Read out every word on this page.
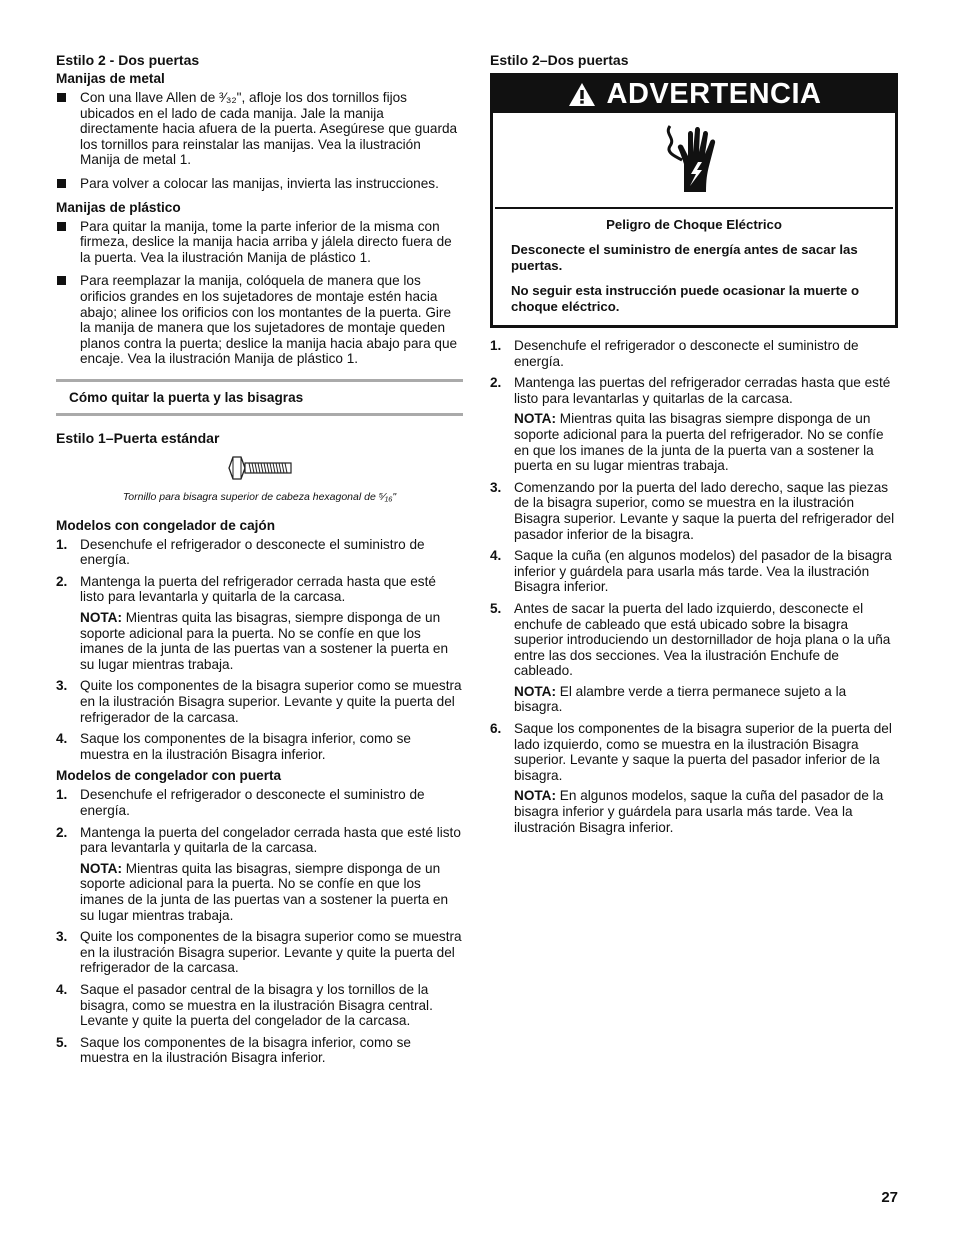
Estilo 2 - Dos puertas
Manijas de metal
Con una llave Allen de ³⁄₃₂", afloje los dos tornillos fijos ubicados en el lado de cada manija. Jale la manija directamente hacia afuera de la puerta. Asegúrese que guarda los tornillos para reinstalar las manijas. Vea la ilustración Manija de metal 1.
Para volver a colocar las manijas, invierta las instrucciones.
Manijas de plástico
Para quitar la manija, tome la parte inferior de la misma con firmeza, deslice la manija hacia arriba y jálela directo fuera de la puerta. Vea la ilustración Manija de plástico 1.
Para reemplazar la manija, colóquela de manera que los orificios grandes en los sujetadores de montaje estén hacia abajo; alinee los orificios con los montantes de la puerta. Gire la manija de manera que los sujetadores de montaje queden planos contra la puerta; deslice la manija hacia abajo para que encaje. Vea la ilustración Manija de plástico 1.
Cómo quitar la puerta y las bisagras
Estilo 1–Puerta estándar
Tornillo para bisagra superior de cabeza hexagonal de ⁵⁄₁₆"
Modelos con congelador de cajón
1. Desenchufe el refrigerador o desconecte el suministro de energía.
2. Mantenga la puerta del refrigerador cerrada hasta que esté listo para levantarla y quitarla de la carcasa.

NOTA: Mientras quita las bisagras, siempre disponga de un soporte adicional para la puerta. No se confíe en que los imanes de la junta de las puertas van a sostener la puerta en su lugar mientras trabaja.

3. Quite los componentes de la bisagra superior como se muestra en la ilustración Bisagra superior. Levante y quite la puerta del refrigerador de la carcasa.
4. Saque los componentes de la bisagra inferior, como se muestra en la ilustración Bisagra inferior.
Modelos de congelador con puerta
1. Desenchufe el refrigerador o desconecte el suministro de energía.
2. Mantenga la puerta del congelador cerrada hasta que esté listo para levantarla y quitarla de la carcasa.

NOTA: Mientras quita las bisagras, siempre disponga de un soporte adicional para la puerta. No se confíe en que los imanes de la junta de las puertas van a sostener la puerta en su lugar mientras trabaja.

3. Quite los componentes de la bisagra superior como se muestra en la ilustración Bisagra superior. Levante y quite la puerta del refrigerador de la carcasa.
4. Saque el pasador central de la bisagra y los tornillos de la bisagra, como se muestra en la ilustración Bisagra central. Levante y quite la puerta del congelador de la carcasa.
5. Saque los componentes de la bisagra inferior, como se muestra en la ilustración Bisagra inferior.
Estilo 2–Dos puertas
ADVERTENCIA
Peligro de Choque Eléctrico

Desconecte el suministro de energía antes de sacar las puertas.

No seguir esta instrucción puede ocasionar la muerte o choque eléctrico.

1. Desenchufe el refrigerador o desconecte el suministro de energía.
2. Mantenga las puertas del refrigerador cerradas hasta que esté listo para levantarlas y quitarlas de la carcasa.

NOTA: Mientras quita las bisagras siempre disponga de un soporte adicional para la puerta del refrigerador. No se confíe en que los imanes de la junta de la puerta van a sostener la puerta en su lugar mientras trabaja.

3. Comenzando por la puerta del lado derecho, saque las piezas de la bisagra superior, como se muestra en la ilustración Bisagra superior. Levante y saque la puerta del refrigerador del pasador inferior de la bisagra.
4. Saque la cuña (en algunos modelos) del pasador de la bisagra inferior y guárdela para usarla más tarde. Vea la ilustración Bisagra inferior.
5. Antes de sacar la puerta del lado izquierdo, desconecte el enchufe de cableado que está ubicado sobre la bisagra superior introduciendo un destornillador de hoja plana o la uña entre las dos secciones. Vea la ilustración Enchufe de cableado.

NOTA: El alambre verde a tierra permanece sujeto a la bisagra.

6. Saque los componentes de la bisagra superior de la puerta del lado izquierdo, como se muestra en la ilustración Bisagra superior. Levante y saque la puerta del pasador inferior de la bisagra.

NOTA: En algunos modelos, saque la cuña del pasador de la bisagra inferior y guárdela para usarla más tarde. Vea la ilustración Bisagra inferior.

27
